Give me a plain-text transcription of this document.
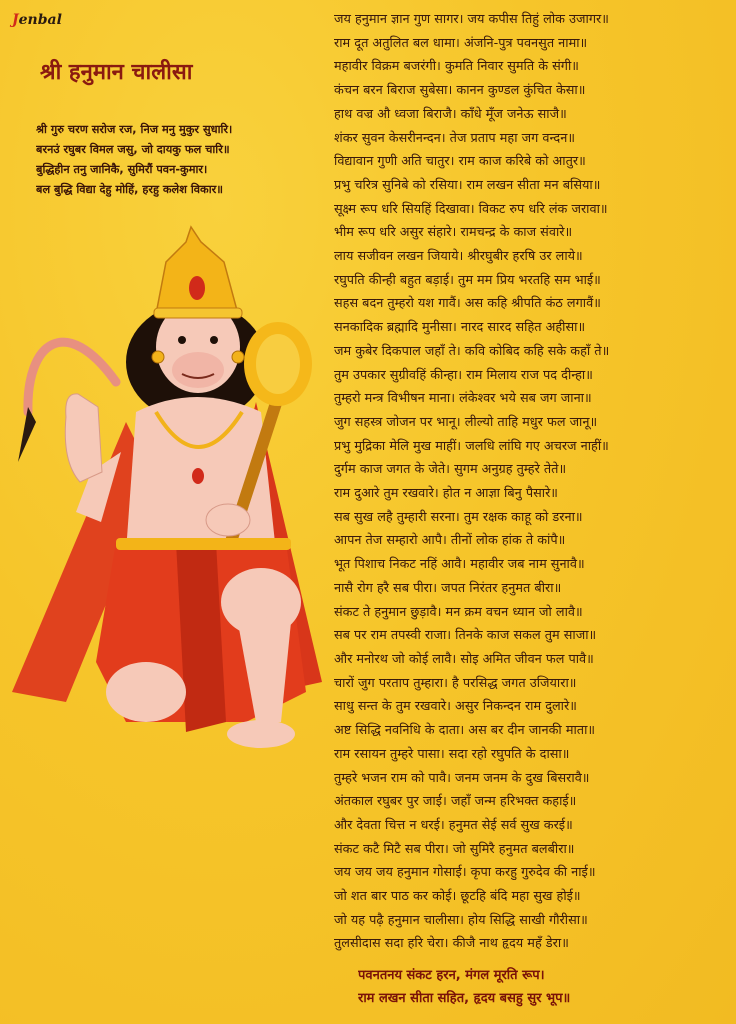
Jenbal
श्री हनुमान चालीसा
श्री गुरु चरण सरोज रज, निज मनु मुकुर सुधारि।
बरनउं रघुबर विमल जसु, जो दायकु फल चारि॥
बुद्धिहीन तनु जानिकै, सुमिरौं पवन-कुमार।
बल बुद्धि विद्या देहु मोहिं, हरहु कलेश विकार॥
जय हनुमान ज्ञान गुण सागर। जय कपीस तिहुं लोक उजागर॥
राम दूत अतुलित बल धामा। अंजनि-पुत्र पवनसुत नामा॥
महावीर विक्रम बजरंगी। कुमति निवार सुमति के संगी॥
कंचन बरन बिराज सुबेसा। कानन कुण्डल कुंचित केसा॥
हाथ वज्र औ ध्वजा बिराजै। काँधे मूँज जनेऊ साजै॥
शंकर सुवन केसरीनन्दन। तेज प्रताप महा जग वन्दन॥
विद्यावान गुणी अति चातुर। राम काज करिबे को आतुर॥
प्रभु चरित्र सुनिबे को रसिया। राम लखन सीता मन बसिया॥
सूक्ष्म रूप धरि सियहिं दिखावा। विकट रुप धरि लंक जरावा॥
भीम रूप धरि असुर संहारे। रामचन्द्र के काज संवारे॥
लाय सजीवन लखन जियाये। श्रीरघुबीर हरषि उर लाये॥
रघुपति कीन्ही बहुत बड़ाई। तुम मम प्रिय भरतहि सम भाई॥
सहस बदन तुम्हरो यश गावैं। अस कहि श्रीपति कंठ लगावैं॥
सनकादिक ब्रह्मादि मुनीसा। नारद सारद सहित अहीसा॥
जम कुबेर दिकपाल जहाँ ते। कवि कोबिद कहि सके कहाँ ते॥
तुम उपकार सुग्रीवहिं कीन्हा। राम मिलाय राज पद दीन्हा॥
तुम्हरो मन्त्र विभीषन माना। लंकेश्वर भये सब जग जाना॥
जुग सहस्त्र जोजन पर भानू। लील्यो ताहि मधुर फल जानू॥
प्रभु मुद्रिका मेलि मुख माहीं। जलधि लांघि गए अचरज नाहीं॥
दुर्गम काज जगत के जेते। सुगम अनुग्रह तुम्हरे तेते॥
राम दुआरे तुम रखवारे। होत न आज्ञा बिनु पैसारे॥
सब सुख लहै तुम्हारी सरना। तुम रक्षक काहू को डरना॥
आपन तेज सम्हारो आपै। तीनों लोक हांक ते कांपै॥
भूत पिशाच निकट नहिं आवै। महावीर जब नाम सुनावै॥
नासै रोग हरै सब पीरा। जपत निरंतर हनुमत बीरा॥
संकट ते हनुमान छुड़ावै। मन क्रम वचन ध्यान जो लावै॥
सब पर राम तपस्वी राजा। तिनके काज सकल तुम साजा॥
और मनोरथ जो कोई लावै। सोइ अमित जीवन फल पावै॥
चारों जुग परताप तुम्हारा। है परसिद्ध जगत उजियारा॥
साधु सन्त के तुम रखवारे। असुर निकन्दन राम दुलारे॥
अष्ट सिद्धि नवनिधि के दाता। अस बर दीन जानकी माता॥
राम रसायन तुम्हरे पासा। सदा रहो रघुपति के दासा॥
तुम्हरे भजन राम को पावै। जनम जनम के दुख बिसरावै॥
अंतकाल रघुबर पुर जाई। जहाँ जन्म हरिभक्त कहाई॥
और देवता चित्त न धरई। हनुमत सेई सर्व सुख करई॥
संकट कटै मिटै सब पीरा। जो सुमिरै हनुमत बलबीरा॥
जय जय जय हनुमान गोसाई। कृपा करहु गुरुदेव की नाई॥
जो शत बार पाठ कर कोई। छूटहि बंदि महा सुख होई॥
जो यह पढ़ै हनुमान चालीसा। होय सिद्धि साखी गौरीसा॥
तुलसीदास सदा हरि चेरा। कीजै नाथ हृदय महँ डेरा॥
पवनतनय संकट हरन, मंगल मूरति रूप।
राम लखन सीता सहित, हृदय बसहु सुर भूप॥
